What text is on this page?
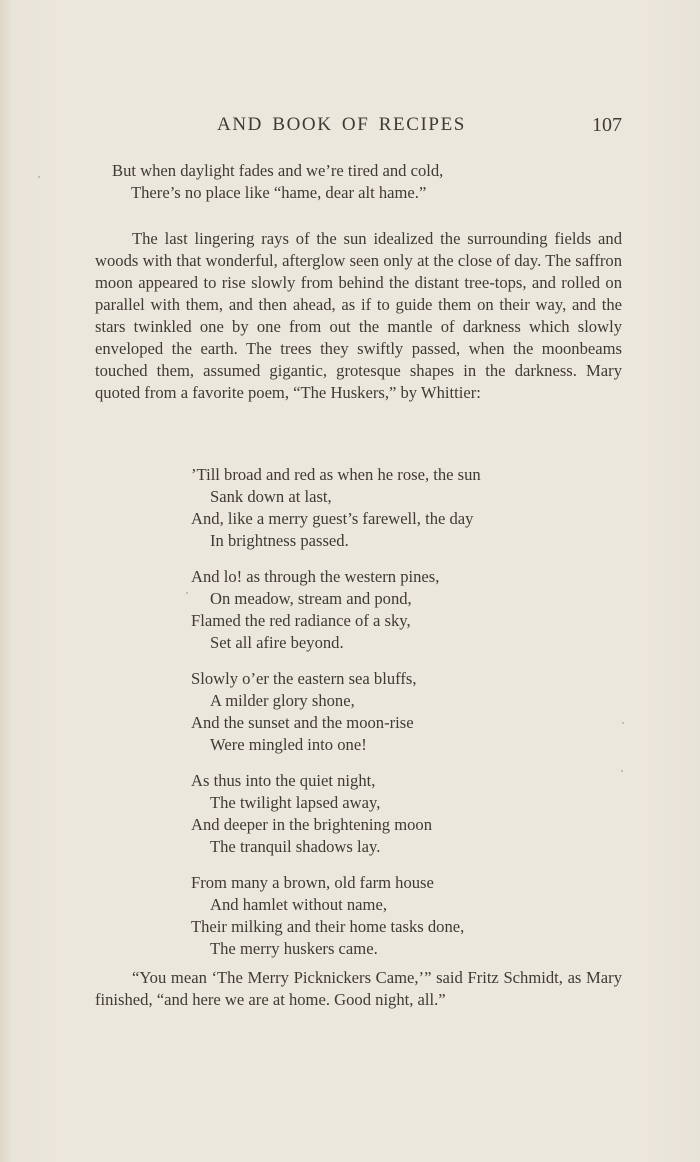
AND BOOK OF RECIPES	107
But when daylight fades and we’re tired and cold,
There’s no place like “hame, dear alt hame.”

The last lingering rays of the sun idealized the surrounding fields and woods with that wonderful, afterglow seen only at the close of day. The saffron moon appeared to rise slowly from behind the distant tree-tops, and rolled on parallel with them, and then ahead, as if to guide them on their way, and the stars twinkled one by one from out the mantle of darkness which slowly enveloped the earth. The trees they swiftly passed, when the moonbeams touched them, assumed gigantic, grotesque shapes in the darkness. Mary quoted from a favorite poem, “The Huskers,” by Whittier:

’Till broad and red as when he rose, the sun
Sank down at last,
And, like a merry guest’s farewell, the day
In brightness passed.
And lo! as through the western pines,
On meadow, stream and pond,
Flamed the red radiance of a sky,
Set all afire beyond.
Slowly o’er the eastern sea bluffs,
A milder glory shone,
And the sunset and the moon-rise
Were mingled into one!
As thus into the quiet night,
The twilight lapsed away,
And deeper in the brightening moon
The tranquil shadows lay.
From many a brown, old farm house
And hamlet without name,
Their milking and their home tasks done,
The merry huskers came.

“You mean ‘The Merry Picknickers Came,’” said Fritz Schmidt, as Mary finished, “and here we are at home. Good night, all.”
